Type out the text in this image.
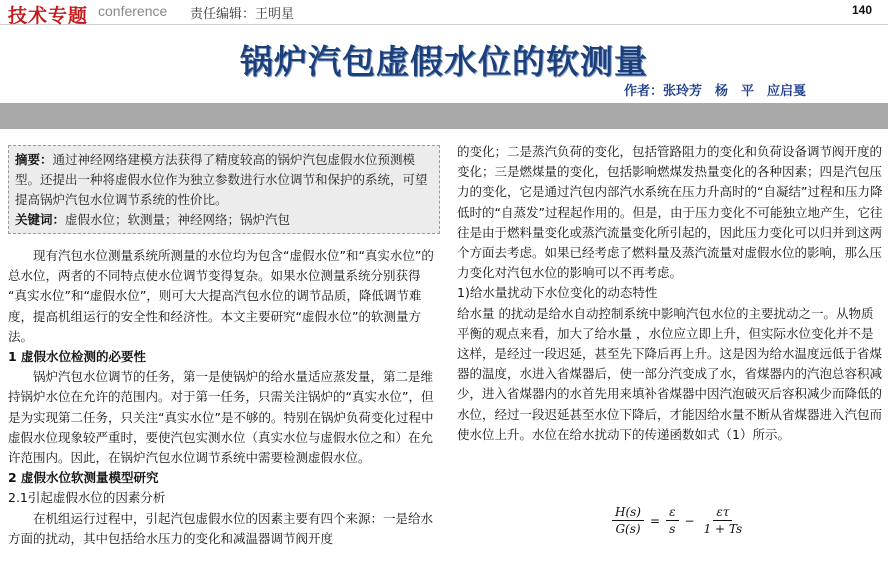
技术专题 conference 责任编辑：王明星	140
锅炉汽包虚假水位的软测量
作者：张玲芳　杨　平　应启戛
摘要：通过神经网络建模方法获得了精度较高的锅炉汽包虚假水位预测模型。还提出一种将虚假水位作为独立参数进行水位调节和保护的系统，可望提高锅炉汽包水位调节系统的性价比。
关键词：虚假水位；软测量；神经网络；锅炉汽包

现有汽包水位测量系统所测量的水位均为包含“虚假水位”和“真实水位”的总水位，两者的不同特点使水位调节变得复杂。如果水位测量系统分别获得 “真实水位”和“虚假水位”，则可大大提高汽包水位的调节品质，降低调节难度，提高机组运行的安全性和经济性。本文主要研究“虚假水位”的软测量方法。

1 虚假水位检测的必要性

锅炉汽包水位调节的任务，第一是使锅炉的给水量适应蒸发量，第二是维持锅炉水位在允许的范围内。对于第一任务，只需关注锅炉的“真实水位”，但是为实现第二任务，只关注“真实水位”是不够的。特别在锅炉负荷变化过程中虚假水位现象较严重时，要使汽包实测水位（真实水位与虚假水位之和）在允许范围内。因此，在锅炉汽包水位调节系统中需要检测虚假水位。

2 虚假水位软测量模型研究

2.1引起虚假水位的因素分析

在机组运行过程中，引起汽包虚假水位的因素主要有四个来源：一是给水方面的扰动，其中包括给水压力的变化和减温器调节阀开度

的变化；二是蒸汽负荷的变化，包括管路阻力的变化和负荷设备调节阀开度的变化；三是燃煤量的变化，包括影响燃煤发热量变化的各种因素；四是汽包压力的变化，它是通过汽包内部汽水系统在压力升高时的“自凝结”过程和压力降低时的“自蒸发”过程起作用的。但是，由于压力变化不可能独立地产生，它往往是由于燃料量变化或蒸汽流量变化所引起的，因此压力变化可以归并到这两个方面去考虑。如果已经考虑了燃料量及蒸汽流量对虚假水位的影响，那么压力变化对汽包水位的影响可以不再考虑。

1)给水量扰动下水位变化的动态特性

给水量 的扰动是给水自动控制系统中影响汽包水位的主要扰动之一。从物质平衡的观点来看，加大了给水量 ，水位应立即上升，但实际水位变化并不是这样，是经过一段迟延，甚至先下降后再上升。这是因为给水温度远低于省煤器的温度，水进入省煤器后，使一部分汽变成了水，省煤器内的汽泡总容积减少，进入省煤器内的水首先用来填补省煤器中因汽泡破灭后容积减少而降低的水位，经过一段迟延甚至水位下降后，才能因给水量不断从省煤器进入汽包而使水位上升。水位在给水扰动下的传递函数如式（1）所示。

$\frac{H(s)}{G(s)} = \frac{\varepsilon}{s} - \frac{\varepsilon\tau}{1 + Ts}$
